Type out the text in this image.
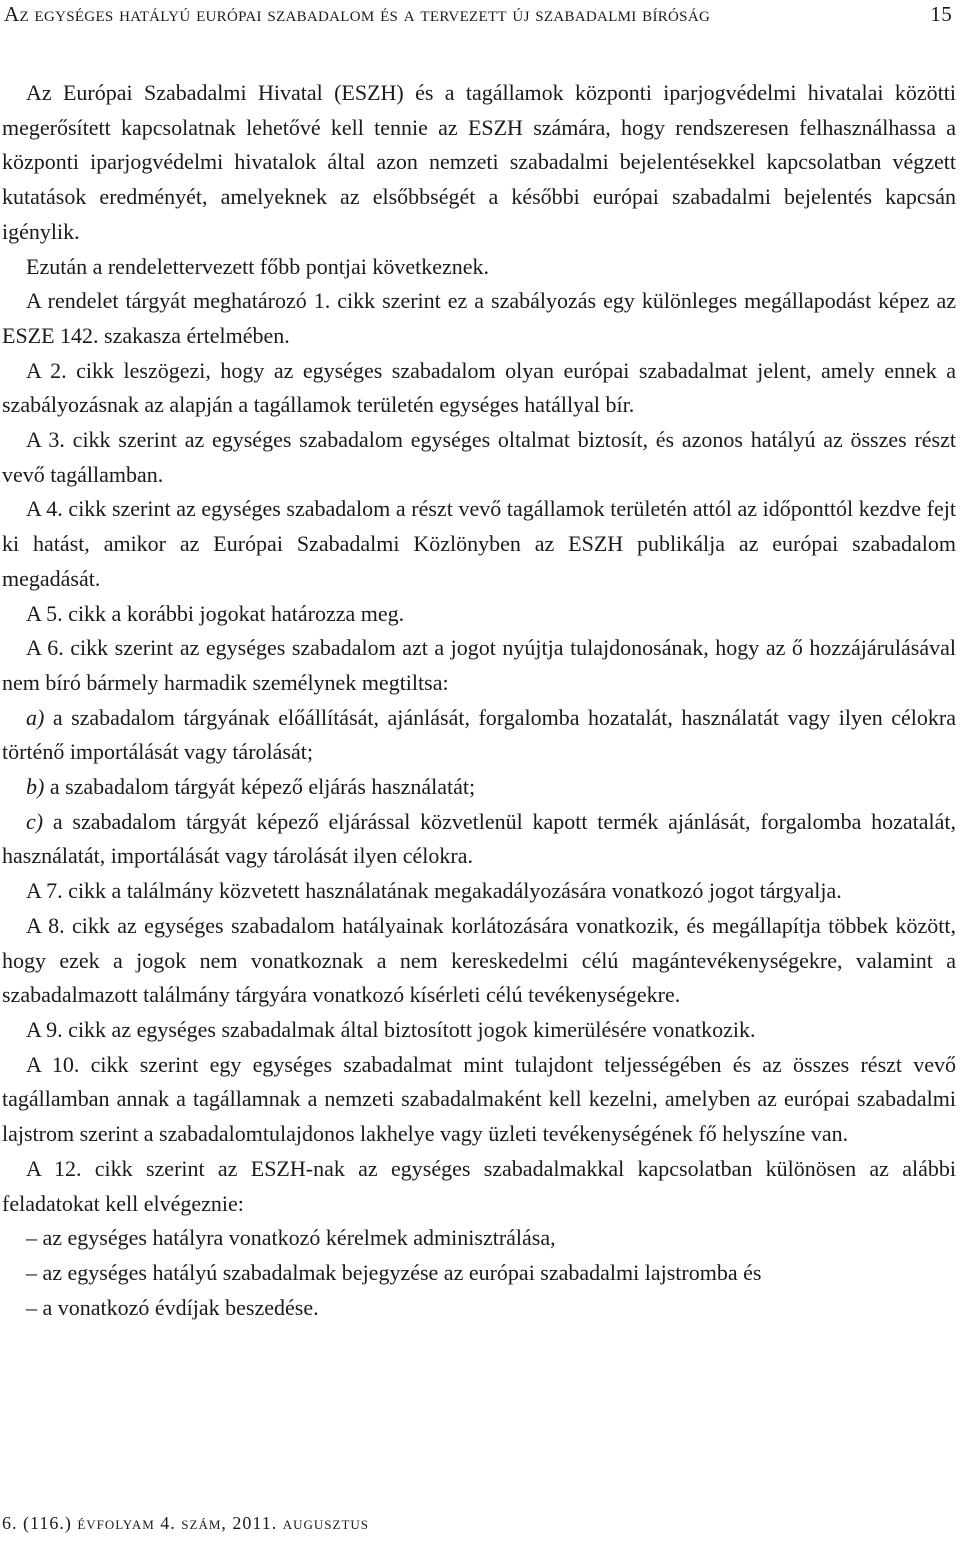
Az egységes hatályú európai szabadalom és a tervezett új szabadalmi bíróság	15

Az Európai Szabadalmi Hivatal (ESZH) és a tagállamok központi iparjogvédelmi hivatalai közötti megerősített kapcsolatnak lehetővé kell tennie az ESZH számára, hogy rendszeresen felhasználhassa a központi iparjogvédelmi hivatalok által azon nemzeti szabadalmi bejelentésekkel kapcsolatban végzett kutatások eredményét, amelyeknek az elsőbbségét a későbbi európai szabadalmi bejelentés kapcsán igénylik.

Ezután a rendelettervezett főbb pontjai következnek.

A rendelet tárgyát meghatározó 1. cikk szerint ez a szabályozás egy különleges megállapodást képez az ESZE 142. szakasza értelmében.

A 2. cikk leszögezi, hogy az egységes szabadalom olyan európai szabadalmat jelent, amely ennek a szabályozásnak az alapján a tagállamok területén egységes hatállyal bír.

A 3. cikk szerint az egységes szabadalom egységes oltalmat biztosít, és azonos hatályú az összes részt vevő tagállamban.

A 4. cikk szerint az egységes szabadalom a részt vevő tagállamok területén attól az időponttól kezdve fejt ki hatást, amikor az Európai Szabadalmi Közlönyben az ESZH publikálja az európai szabadalom megadását.

A 5. cikk a korábbi jogokat határozza meg.

A 6. cikk szerint az egységes szabadalom azt a jogot nyújtja tulajdonosának, hogy az ő hozzájárulásával nem bíró bármely harmadik személynek megtiltsa:

a) a szabadalom tárgyának előállítását, ajánlását, forgalomba hozatalát, használatát vagy ilyen célokra történő importálását vagy tárolását;

b) a szabadalom tárgyát képező eljárás használatát;

c) a szabadalom tárgyát képező eljárással közvetlenül kapott termék ajánlását, forgalomba hozatalát, használatát, importálását vagy tárolását ilyen célokra.

A 7. cikk a találmány közvetett használatának megakadályozására vonatkozó jogot tárgyalja.

A 8. cikk az egységes szabadalom hatályainak korlátozására vonatkozik, és megállapítja többek között, hogy ezek a jogok nem vonatkoznak a nem kereskedelmi célú magántevékenységekre, valamint a szabadalmazott találmány tárgyára vonatkozó kísérleti célú tevékenységekre.

A 9. cikk az egységes szabadalmak által biztosított jogok kimerülésére vonatkozik.

A 10. cikk szerint egy egységes szabadalmat mint tulajdont teljességében és az összes részt vevő tagállamban annak a tagállamnak a nemzeti szabadalmaként kell kezelni, amelyben az európai szabadalmi lajstrom szerint a szabadalomtulajdonos lakhelye vagy üzleti tevékenységének fő helyszíne van.

A 12. cikk szerint az ESZH-nak az egységes szabadalmakkal kapcsolatban különösen az alábbi feladatokat kell elvégeznie:

– az egységes hatályra vonatkozó kérelmek adminisztrálása,

– az egységes hatályú szabadalmak bejegyzése az európai szabadalmi lajstromba és

– a vonatkozó évdíjak beszedése.

6. (116.) évfolyam 4. szám, 2011. augusztus
